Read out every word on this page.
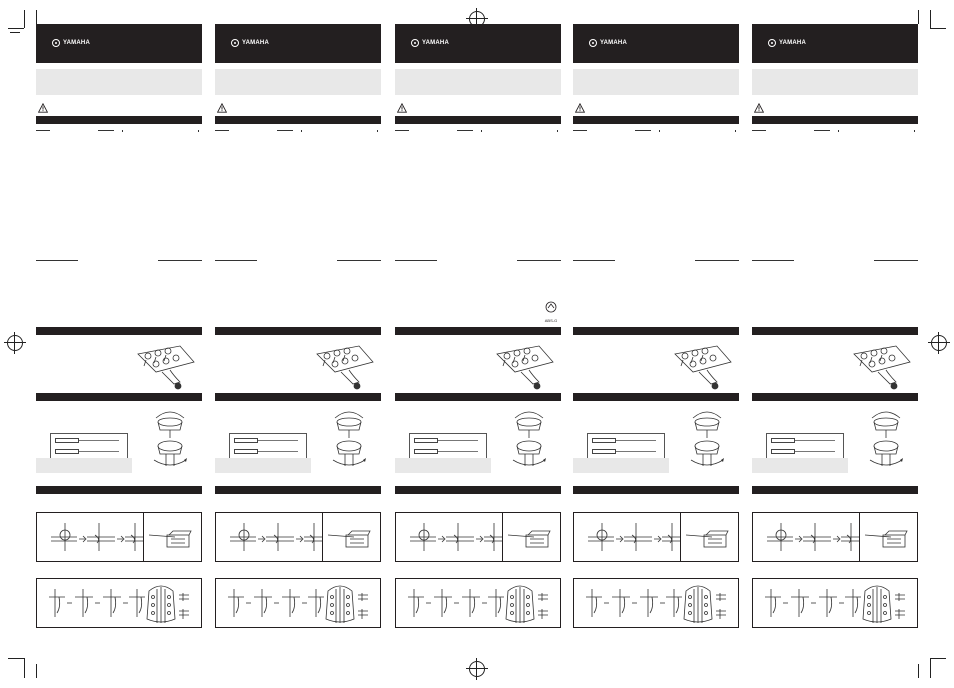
YAMAHA	YAMAHA	YAMAHA
ABS-G
YAMAHA	YAMAHA
